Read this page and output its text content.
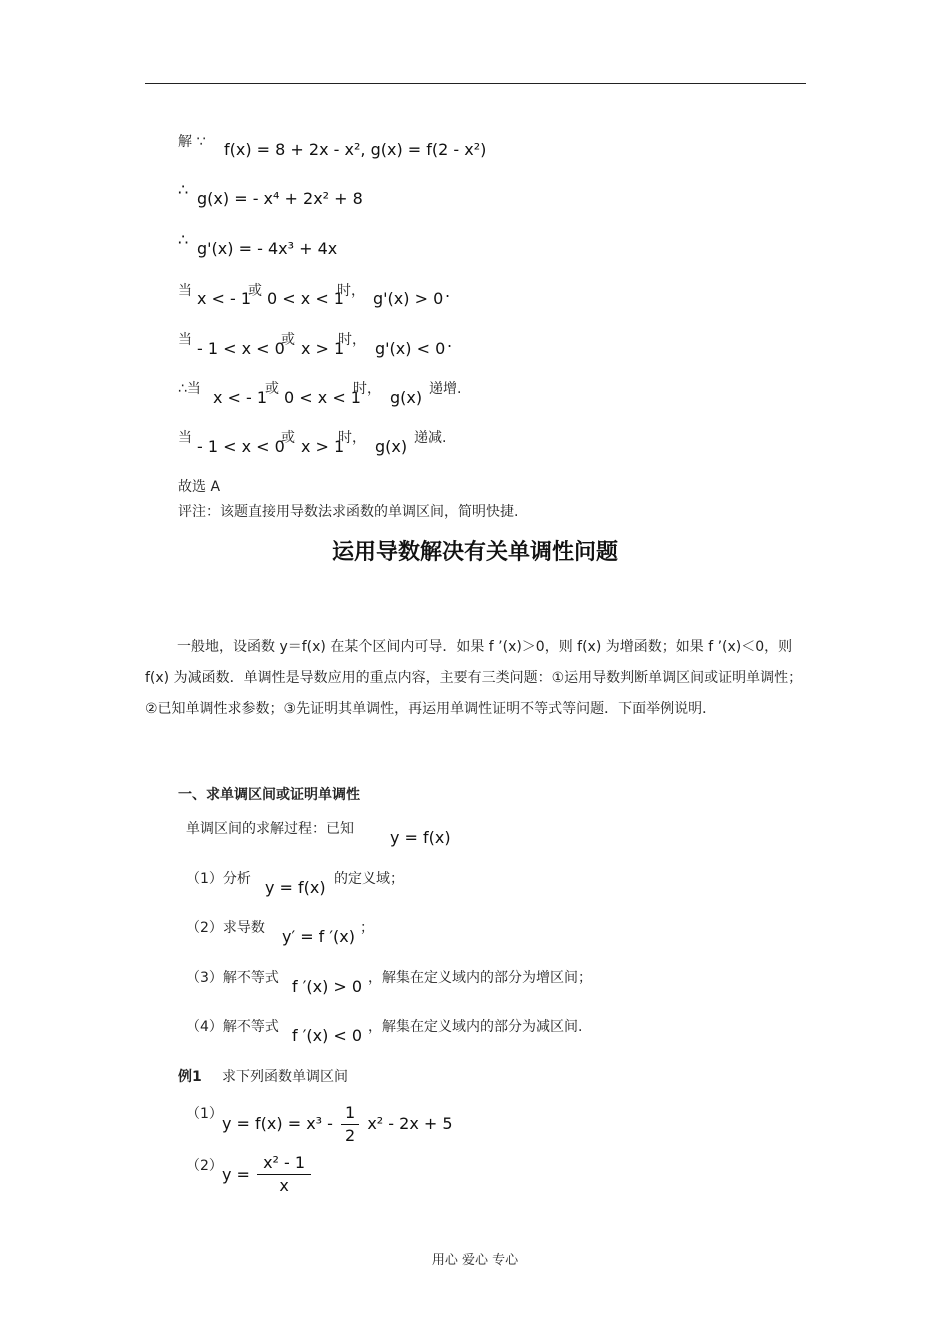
解 ∵ f(x) = 8 + 2x - x², g(x) = f(2 - x²)
∴ g(x) = - x⁴ + 2x² + 8
∴ g'(x) = - 4x³ + 4x
当 x < - 1
或 0 < x < 1
时， g'(x) > 0 .
当 - 1 < x < 0
或 x > 1
时， g'(x) < 0 .
∴当 x < - 1
或 0 < x < 1
时， g(x) 递增.
当 - 1 < x < 0
或 x > 1
时， g(x) 递减.
故选 A
评注：该题直接用导数法求函数的单调区间，简明快捷.
运用导数解决有关单调性问题
一般地，设函数 y＝f(x) 在某个区间内可导．如果 f ’(x)＞0，则 f(x) 为增函数；如果 f ’(x)＜0，则 f(x) 为减函数．单调性是导数应用的重点内容，主要有三类问题：①运用导数判断单调区间或证明单调性；②已知单调性求参数；③先证明其单调性，再运用单调性证明不等式等问题．下面举例说明．
一、求单调区间或证明单调性
单调区间的求解过程：已知 y = f(x)
（1）分析 y = f(x) 的定义域；
（2）求导数 y′ = f ′(x) ；
（3）解不等式 f ′(x) > 0 ，解集在定义域内的部分为增区间；
（4）解不等式 f ′(x) < 0 ，解集在定义域内的部分为减区间.
例1 求下列函数单调区间
（1） $y = f(x) = x^3 - \frac{1}{2} x^2 - 2x + 5$
（2） $y = \frac{\text{x² - 1}}{x}$
用心 爱心 专心
